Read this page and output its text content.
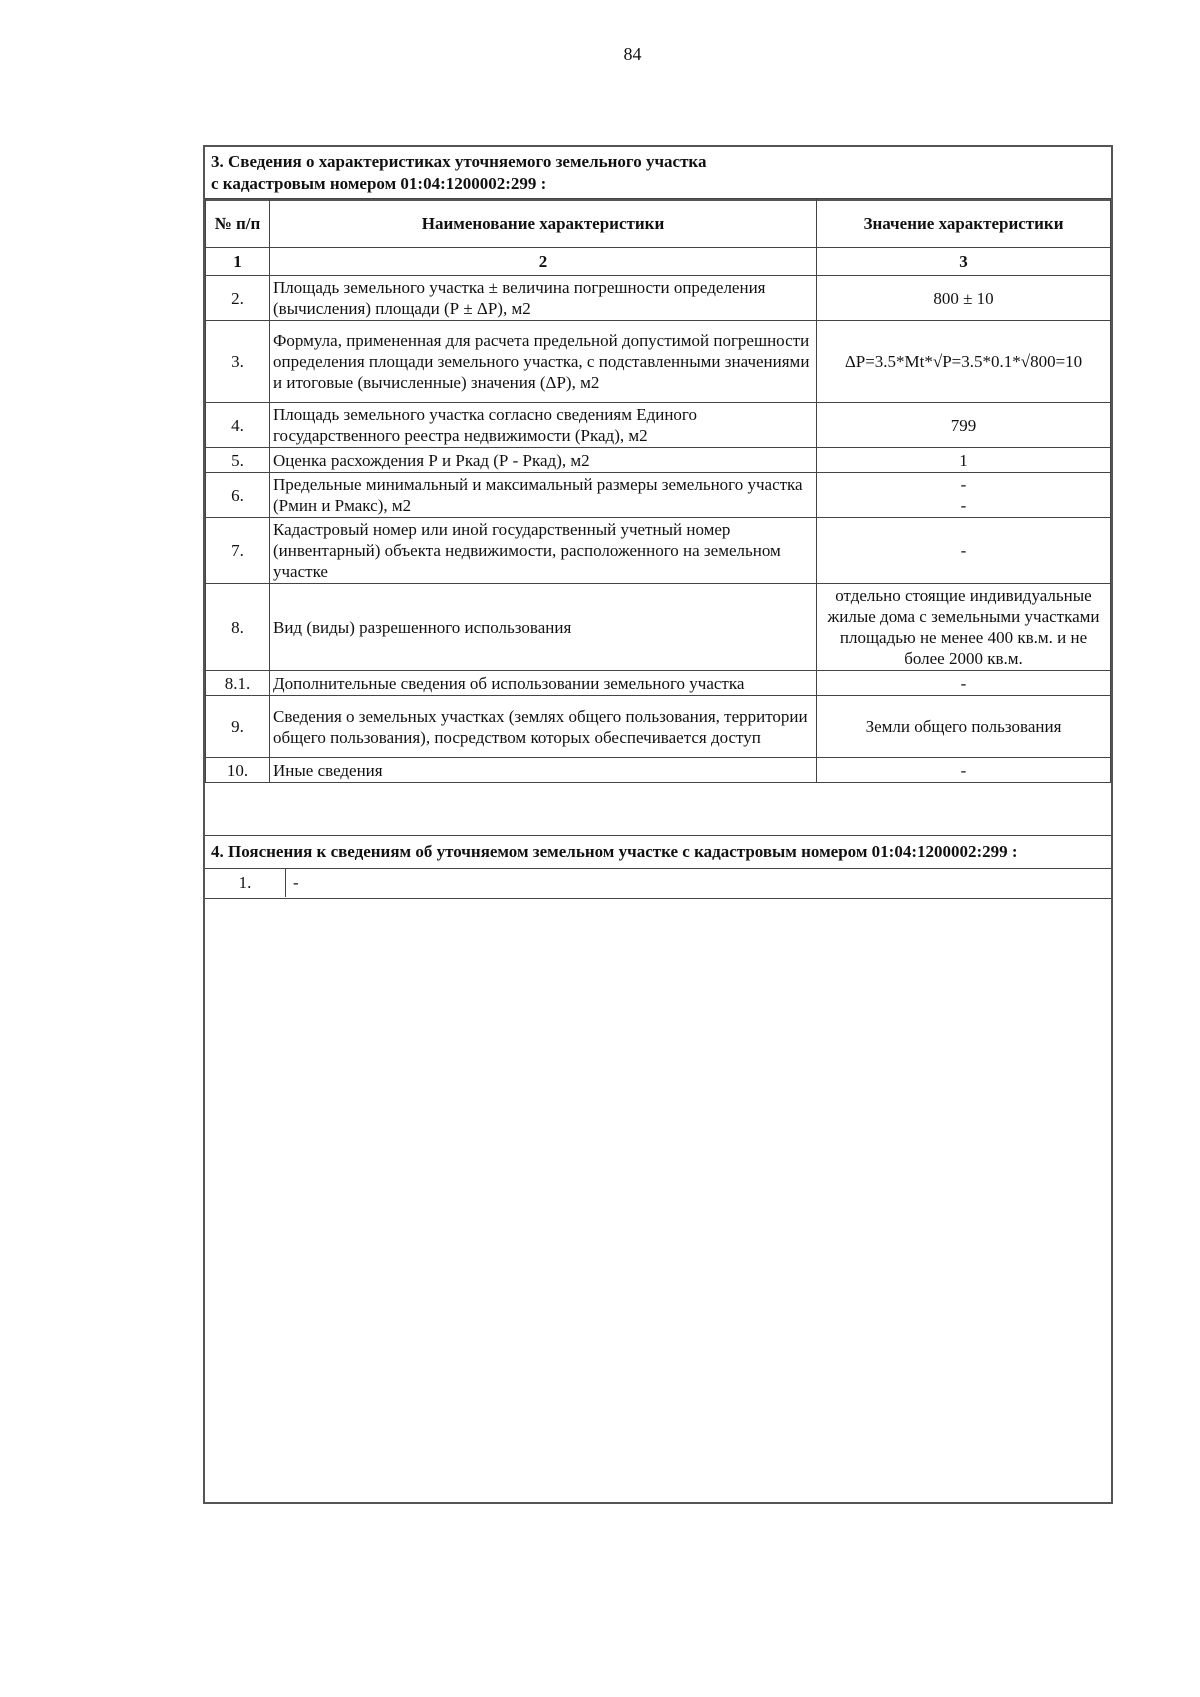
84
3. Сведения о характеристиках уточняемого земельного участка
с кадастровым номером 01:04:1200002:299 :
№ п/п	Наименование характеристики	Значение характеристики
1	2	3
2.	Площадь земельного участка ± величина погрешности определения (вычисления) площади (Р ± ΔР), м2	800 ± 10
3.	Формула, примененная для расчета предельной допустимой погрешности определения площади земельного участка, с подставленными значениями и итоговые (вычисленные) значения (ΔР), м2	ΔР=3.5*Mt*√Р=3.5*0.1*√800=10
4.	Площадь земельного участка согласно сведениям Единого государственного реестра недвижимости (Ркад), м2	799
5.	Оценка расхождения Р и Ркад (Р - Ркад), м2	1
6.	Предельные минимальный и максимальный размеры земельного участка (Рмин и Рмакс), м2	-
-
7.	Кадастровый номер или иной государственный учетный номер (инвентарный) объекта недвижимости, расположенного на земельном участке	-
8.	Вид (виды) разрешенного использования	отдельно стоящие индивидуальные жилые дома с земельными участками площадью не менее 400 кв.м. и не более 2000 кв.м.
8.1.	Дополнительные сведения об использовании земельного участка	-
9.	Сведения о земельных участках (землях общего пользования, территории общего пользования), посредством которых обеспечивается доступ	Земли общего пользования
10.	Иные сведения	-
4. Пояснения к сведениям об уточняемом земельном участке с кадастровым номером 01:04:1200002:299 :
1.	-
